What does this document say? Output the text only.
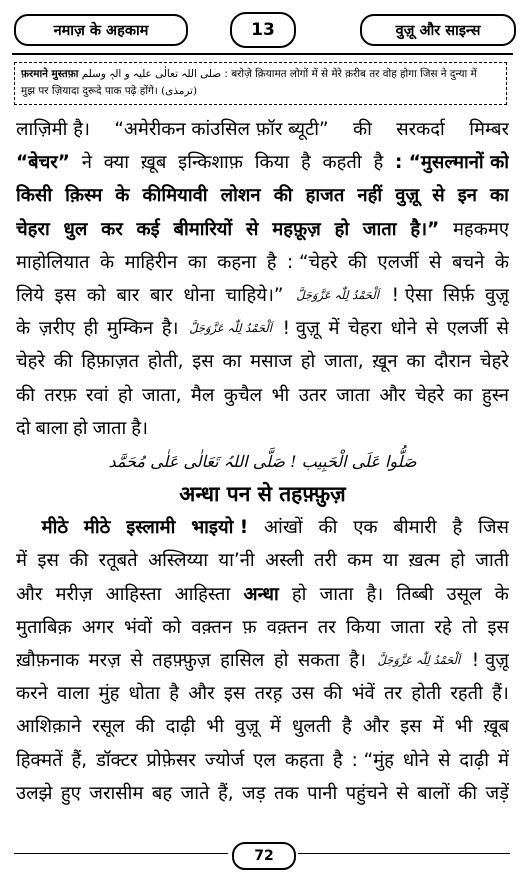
नमाज़ के अहकाम	13	वुज़ू और साइन्स
फ़रमाने मुस्तफ़ा صلی اللہ تعالٰی علیہ و الہٖ وسلم : बरोज़े क़ियामत लोगों में से मेरे क़रीब तर वोह होगा जिस ने दुन्या में
मुझ पर ज़ियादा दुरूदे पाक पढ़े होंगे। (ترمذی)
लाज़िमी है। “अमेरीकन कांउसिल फ़ॉर ब्यूटी” की सरकर्दा मिम्बर
“बेचर” ने क्या ख़ूब इन्किशाफ़ किया है कहती है : “मुसल्मानों को
किसी क़िस्म के कीमियावी लोशन की हाजत नहीं वुज़ू से इन का
चेहरा धुल कर कई बीमारियों से महफ़ूज़ हो जाता है।” महकमए
माहोलियात के माहिरीन का कहना है : “चेहरे की एलर्जी से बचने के
लिये इस को बार बार धोना चाहिये।” اَلْحَمْدُ لِلّٰہ عَزَّوَجَلَّ ! ऐसा सिर्फ़ वुज़ू
के ज़रीए ही मुम्किन है। اَلْحَمْدُ لِلّٰہ عَزَّوَجَلَّ ! वुज़ू में चेहरा धोने से एलर्जी से
चेहरे की हिफ़ाज़त होती, इस का मसाज हो जाता, ख़ून का दौरान चेहरे
की तरफ़ रवां हो जाता, मैल कुचैल भी उतर जाता और चेहरे का हुस्न
दो बाला हो जाता है।
صَلُّوا عَلَی الْحَبِیب ! صَلَّی اللہُ تَعَالٰی عَلٰی مُحَمَّد
अन्धा पन से तहफ़्फ़ुज़
मीठे मीठे इस्लामी भाइयो ! आंखों की एक बीमारी है जिस
में इस की रतूबते अस्लिय्या या’नी अस्ली तरी कम या ख़त्म हो जाती
और मरीज़ आहिस्ता आहिस्ता अन्धा हो जाता है। तिब्बी उसूल के
मुताबिक़ अगर भंवों को वक़्तन फ़ वक़्तन तर किया जाता रहे तो इस
ख़ौफ़नाक मरज़ से तहफ़्फ़ुज़ हासिल हो सकता है। اَلْحَمْدُ لِلّٰہ عَزَّوَجَلَّ ! वुज़ू
करने वाला मुंह धोता है और इस तरह़ उस की भंवें तर होती रहती हैं।
आशिक़ाने रसूल की दाढ़ी भी वुज़ू में धुलती है और इस में भी ख़ूब
हिक्मतें हैं, डॉक्टर प्रोफ़ेसर ज्योर्ज एल कहता है : “मुंह धोने से दाढ़ी में
उलझे हुए जरासीम बह जाते हैं, जड़ तक पानी पहुंचने से बालों की जड़ें
72
